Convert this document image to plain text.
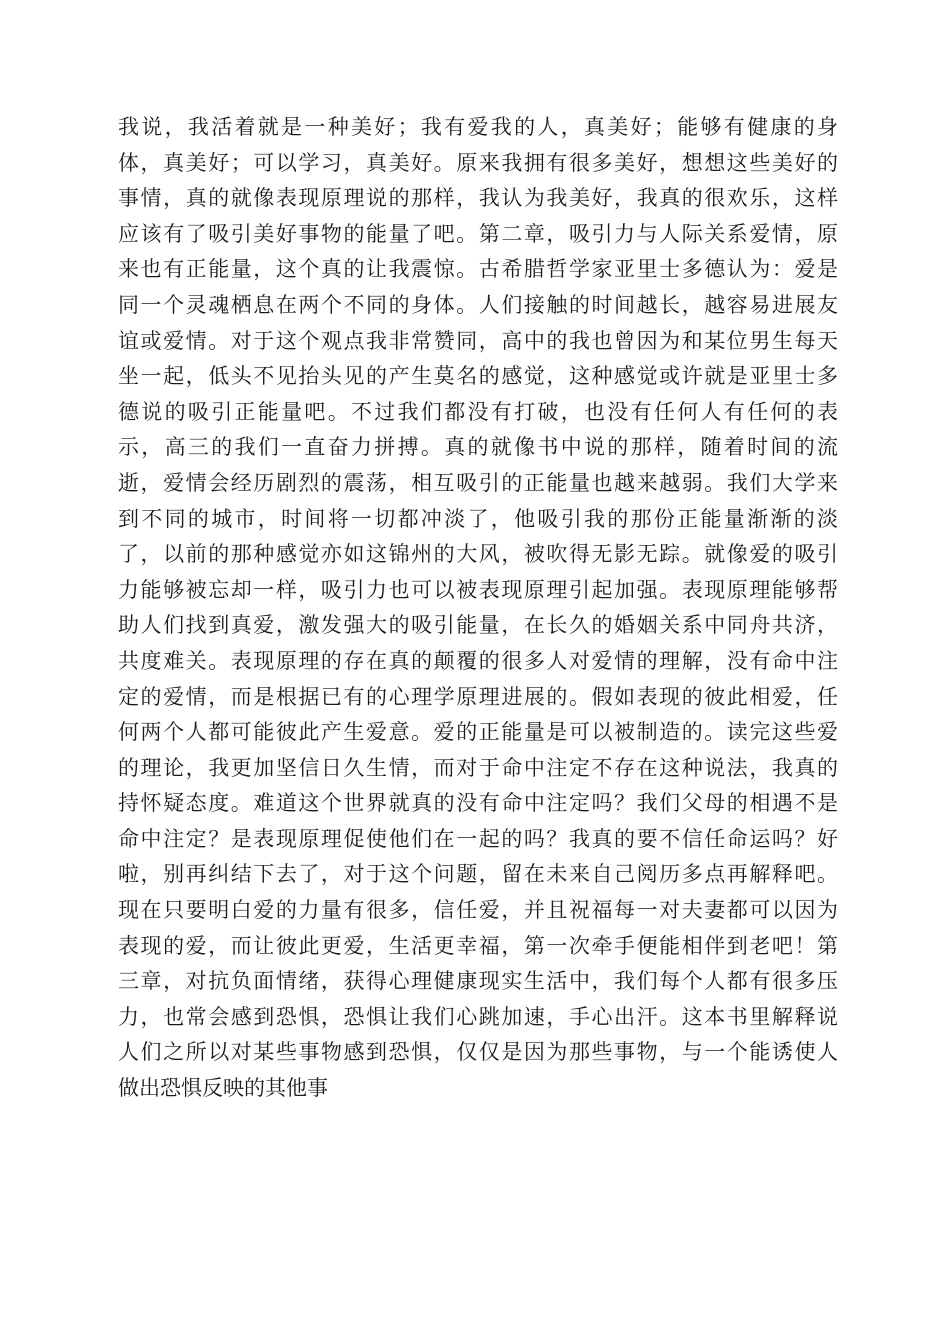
我说，我活着就是一种美好；我有爱我的人，真美好；能够有健康的身
体，真美好；可以学习，真美好。原来我拥有很多美好，想想这些美好的
事情，真的就像表现原理说的那样，我认为我美好，我真的很欢乐，这样
应该有了吸引美好事物的能量了吧。第二章，吸引力与人际关系爱情，原
来也有正能量，这个真的让我震惊。古希腊哲学家亚里士多德认为：爱是
同一个灵魂栖息在两个不同的身体。人们接触的时间越长，越容易进展友
谊或爱情。对于这个观点我非常赞同，高中的我也曾因为和某位男生每天
坐一起，低头不见抬头见的产生莫名的感觉，这种感觉或许就是亚里士多
德说的吸引正能量吧。不过我们都没有打破，也没有任何人有任何的表
示，高三的我们一直奋力拼搏。真的就像书中说的那样，随着时间的流
逝，爱情会经历剧烈的震荡，相互吸引的正能量也越来越弱。我们大学来
到不同的城市，时间将一切都冲淡了，他吸引我的那份正能量渐渐的淡
了，以前的那种感觉亦如这锦州的大风，被吹得无影无踪。就像爱的吸引
力能够被忘却一样，吸引力也可以被表现原理引起加强。表现原理能够帮
助人们找到真爱，激发强大的吸引能量，在长久的婚姻关系中同舟共济，
共度难关。表现原理的存在真的颠覆的很多人对爱情的理解，没有命中注
定的爱情，而是根据已有的心理学原理进展的。假如表现的彼此相爱，任
何两个人都可能彼此产生爱意。爱的正能量是可以被制造的。读完这些爱
的理论，我更加坚信日久生情，而对于命中注定不存在这种说法，我真的
持怀疑态度。难道这个世界就真的没有命中注定吗？我们父母的相遇不是
命中注定？是表现原理促使他们在一起的吗？我真的要不信任命运吗？好
啦，别再纠结下去了，对于这个问题，留在未来自己阅历多点再解释吧。
现在只要明白爱的力量有很多，信任爱，并且祝福每一对夫妻都可以因为
表现的爱，而让彼此更爱，生活更幸福，第一次牵手便能相伴到老吧！第
三章，对抗负面情绪，获得心理健康现实生活中，我们每个人都有很多压
力，也常会感到恐惧，恐惧让我们心跳加速，手心出汗。这本书里解释说
人们之所以对某些事物感到恐惧，仅仅是因为那些事物，与一个能诱使人
做出恐惧反映的其他事
